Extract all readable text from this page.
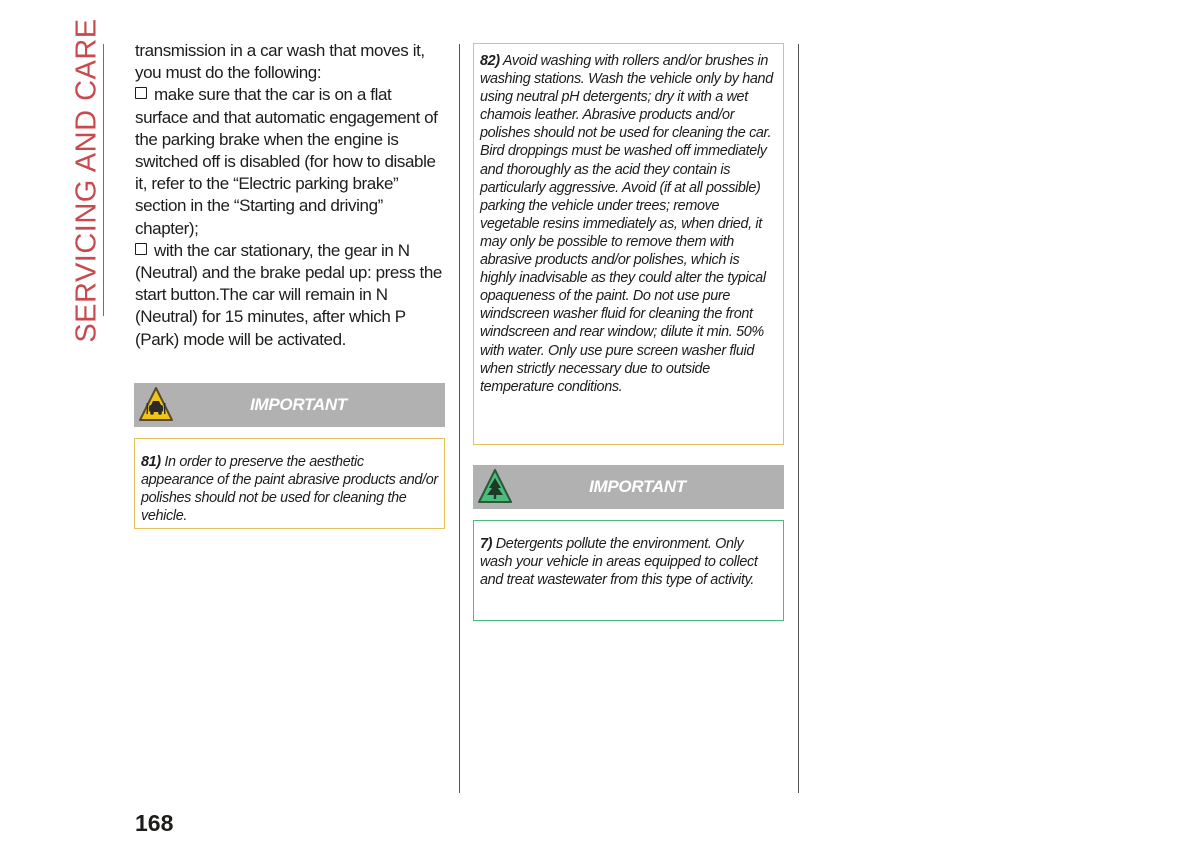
SERVICING AND CARE transmission in a car wash that moves it, you must do the following:

make sure that the car is on a flat surface and that automatic engagement of the parking brake when the engine is switched off is disabled (for how to disable it, refer to the “Electric parking brake” section in the “Starting and driving” chapter);

with the car stationary, the gear in N (Neutral) and the brake pedal up: press the start button.The car will remain in N (Neutral) for 15 minutes, after which P (Park) mode will be activated.

IMPORTANT
81) In order to preserve the aesthetic appearance of the paint abrasive products and/or polishes should not be used for cleaning the vehicle.
82) Avoid washing with rollers and/or brushes in washing stations. Wash the vehicle only by hand using neutral pH detergents; dry it with a wet chamois leather. Abrasive products and/or polishes should not be used for cleaning the car. Bird droppings must be washed off immediately and thoroughly as the acid they contain is particularly aggressive. Avoid (if at all possible) parking the vehicle under trees; remove vegetable resins immediately as, when dried, it may only be possible to remove them with abrasive products and/or polishes, which is highly inadvisable as they could alter the typical opaqueness of the paint. Do not use pure windscreen washer fluid for cleaning the front windscreen and rear window; dilute it min. 50% with water. Only use pure screen washer fluid when strictly necessary due to outside temperature conditions.
IMPORTANT
7) Detergents pollute the environment. Only wash your vehicle in areas equipped to collect and treat wastewater from this type of activity.
168
